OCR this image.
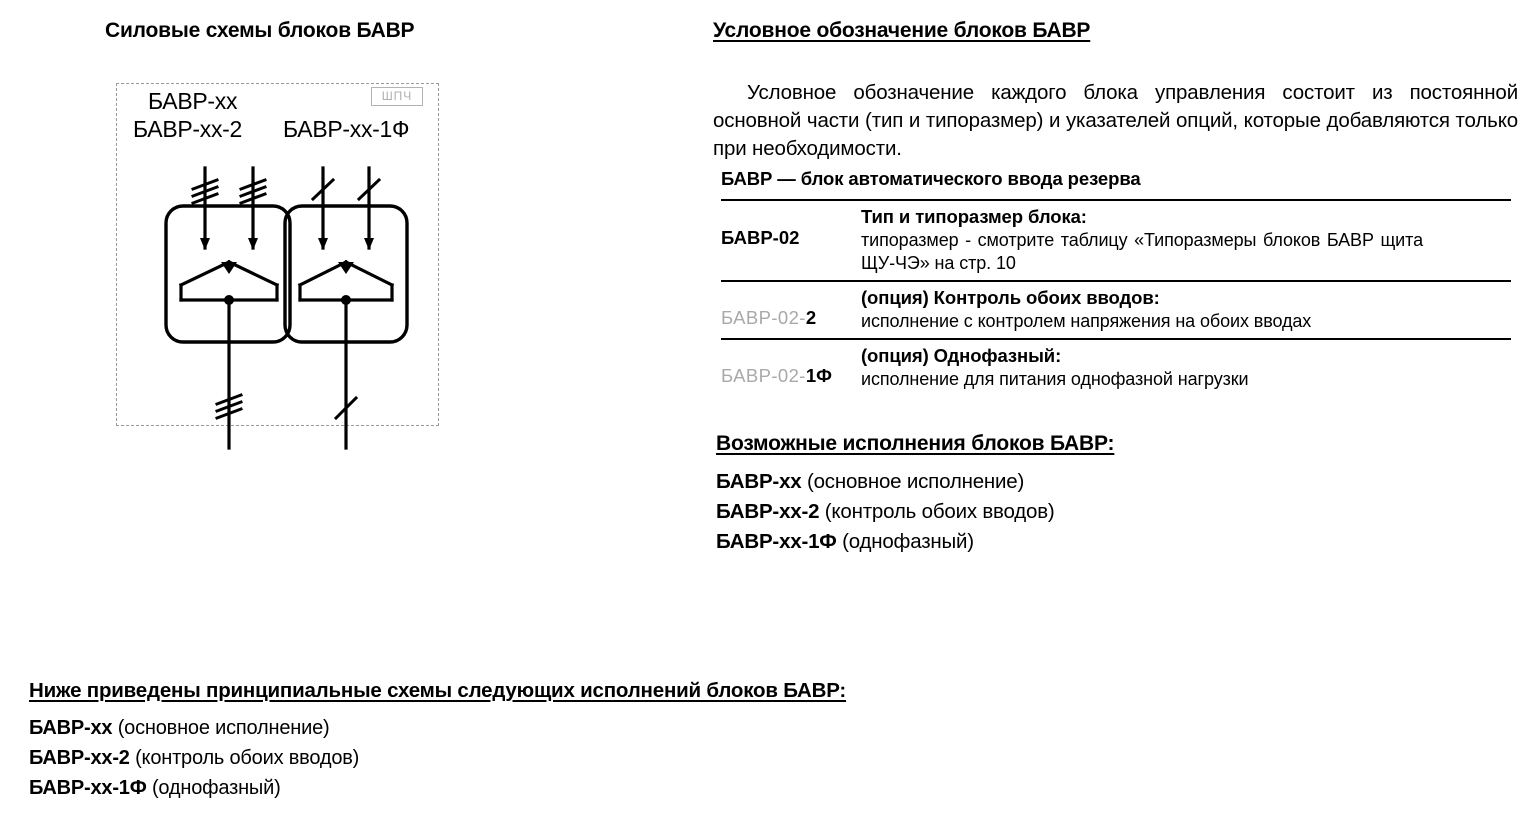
Силовые схемы блоков БАВР
ШПЧ
БАВР-хх
БАВР-хх-2 БАВР-хх-1Ф
Условное обозначение блоков БАВР

Условное обозначение каждого блока управления состоит из постоянной основной части (тип и типоразмер) и указателей опций, которые добавляются только при необходимости.

БАВР — блок автоматического ввода резерва
БАВР-02
Тип и типоразмер блока:
типоразмер - смотрите таблицу «Типоразмеры блоков БАВР щита ЩУ-ЧЭ» на стр. 10
БАВР-02-2
(опция) Контроль обоих вводов:
исполнение с контролем напряжения на обоих вводах
БАВР-02-1Ф
(опция) Однофазный:
исполнение для питания однофазной нагрузки
Возможные исполнения блоков БАВР:
БАВР-хх (основное исполнение)
БАВР-хх-2 (контроль обоих вводов)
БАВР-хх-1Ф (однофазный)
Ниже приведены принципиальные схемы следующих исполнений блоков БАВР:
БАВР-хх (основное исполнение)
БАВР-хх-2 (контроль обоих вводов)
БАВР-хх-1Ф (однофазный)
